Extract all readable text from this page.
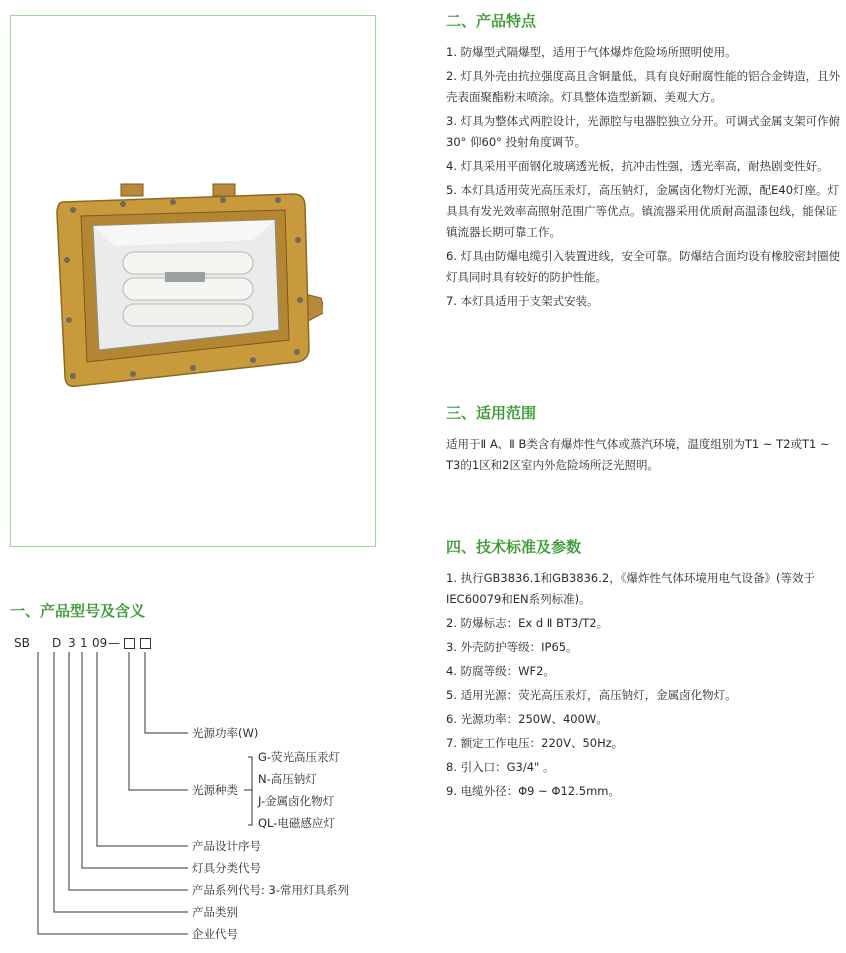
二、产品特点
1. 防爆型式隔爆型，适用于气体爆炸危险场所照明使用。
2. 灯具外壳由抗拉强度高且含铜量低，具有良好耐腐性能的铝合金铸造，且外壳表面聚酯粉末喷涂。灯具整体造型新颖、美观大方。
3. 灯具为整体式两腔设计，光源腔与电器腔独立分开。可调式金属支架可作俯30° 仰60° 投射角度调节。
4. 灯具采用平面钢化玻璃透光板，抗冲击性强，透光率高，耐热剧变性好。
5. 本灯具适用荧光高压汞灯，高压钠灯，金属卤化物灯光源，配E40灯座。灯具具有发光效率高照射范围广等优点。镇流器采用优质耐高温漆包线，能保证镇流器长期可靠工作。
6. 灯具由防爆电缆引入装置进线，安全可靠。防爆结合面均设有橡胶密封圈使灯具同时具有较好的防护性能。
7. 本灯具适用于支架式安装。
三、适用范围

适用于Ⅱ A、Ⅱ B类含有爆炸性气体或蒸汽环境，温度组别为T1 ~ T2或T1 ~ T3的1区和2区室内外危险场所泛光照明。

四、技术标准及参数
1. 执行GB3836.1和GB3836.2，《爆炸性气体环境用电气设备》(等效于IEC60079和EN系列标准)。
2. 防爆标志：Ex d Ⅱ BT3/T2。
3. 外壳防护等级：IP65。
4. 防腐等级：WF2。
5. 适用光源：荧光高压汞灯，高压钠灯，金属卤化物灯。
6. 光源功率：250W、400W。
7. 额定工作电压：220V、50Hz。
8. 引入口：G3/4" 。
9. 电缆外径：Φ9 ~ Φ12.5mm。
一、产品型号及含义
SB D 3 1 09 —
光源功率(W)
光源种类
G-荧光高压汞灯
N-高压钠灯
J-金属卤化物灯
QL-电磁感应灯
产品设计序号
灯具分类代号
产品系列代号: 3-常用灯具系列
产品类别
企业代号
